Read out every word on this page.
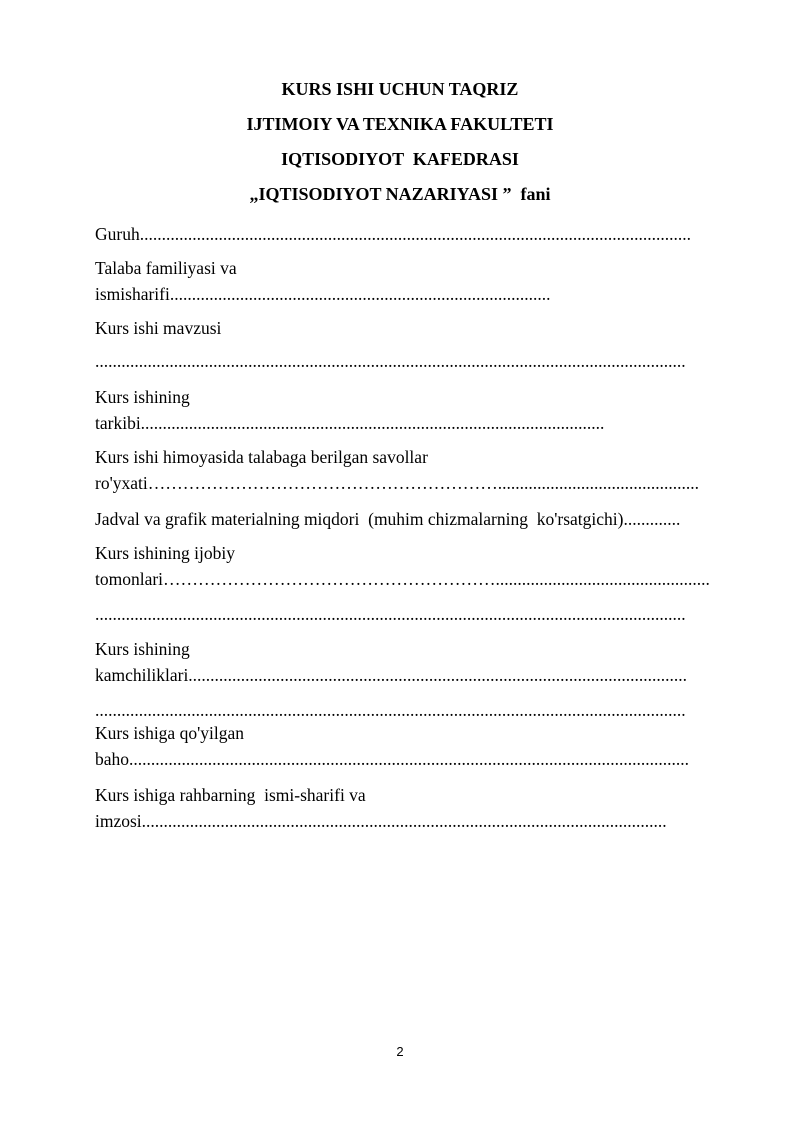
KURS ISHI UCHUN TAQRIZ
IJTIMOIY VA TEXNIKA FAKULTETI
IQTISODIYOT  KAFEDRASI
„IQTISODIYOT NAZARIYASI ”  fani
Guruh..............................................................................................................................
Talaba familiyasi va
ismisharifi.......................................................................................
Kurs ishi mavzusi
.......................................................................................................................................
Kurs ishining
tarkibi..........................................................................................................
Kurs ishi himoyasida talabaga berilgan savollar
ro'yxati……………………………………………………..............................................
Jadval va grafik materialning miqdori  (muhim chizmalarning  ko'rsatgichi).............
Kurs ishining ijobiy
tomonlari………………………………………………….................................................
.......................................................................................................................................
Kurs ishining
kamchiliklari..................................................................................................................
.......................................................................................................................................
Kurs ishiga qo'yilgan
baho................................................................................................................................
Kurs ishiga rahbarning  ismi-sharifi va
imzosi........................................................................................................................
2
